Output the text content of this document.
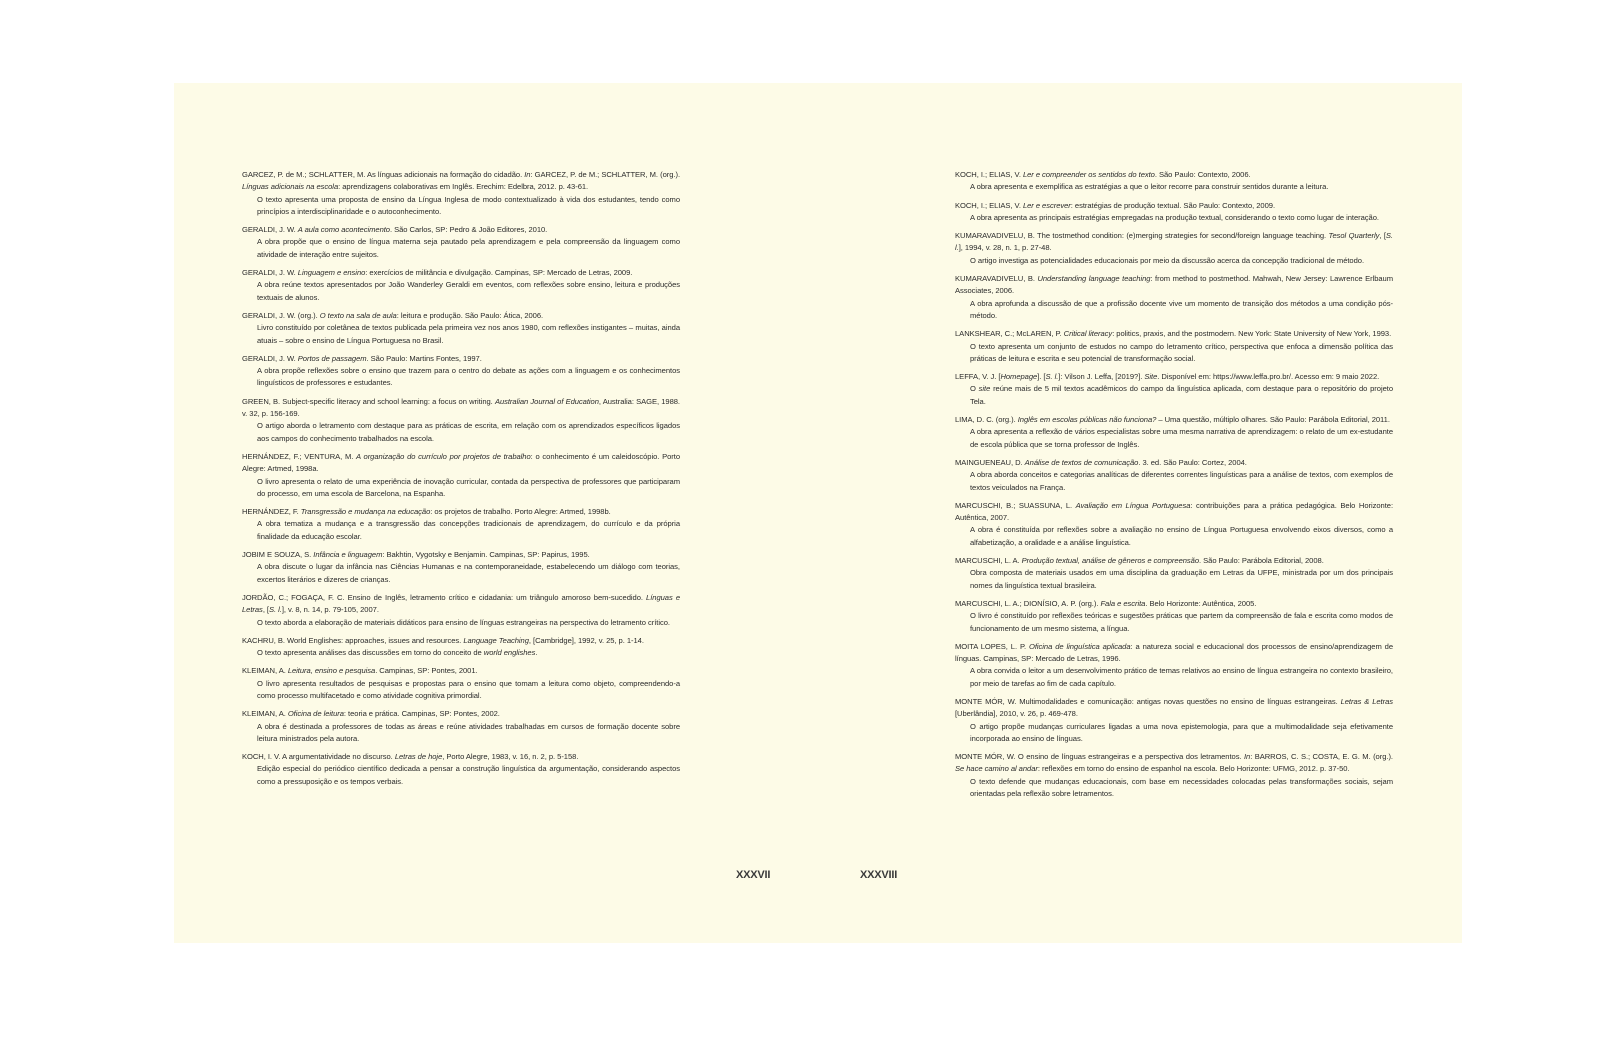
GARCEZ, P. de M.; SCHLATTER, M. As línguas adicionais na formação do cidadão. In: GARCEZ, P. de M.; SCHLATTER, M. (org.). Línguas adicionais na escola: aprendizagens colaborativas em Inglês. Erechim: Edelbra, 2012. p. 43-61.

O texto apresenta uma proposta de ensino da Língua Inglesa de modo contextualizado à vida dos estudantes, tendo como princípios a interdisciplinaridade e o autoconhecimento.

GERALDI, J. W. A aula como acontecimento. São Carlos, SP: Pedro & João Editores, 2010.

A obra propõe que o ensino de língua materna seja pautado pela aprendizagem e pela compreensão da linguagem como atividade de interação entre sujeitos.

GERALDI, J. W. Linguagem e ensino: exercícios de militância e divulgação. Campinas, SP: Mercado de Letras, 2009.

A obra reúne textos apresentados por João Wanderley Geraldi em eventos, com reflexões sobre ensino, leitura e produções textuais de alunos.

GERALDI, J. W. (org.). O texto na sala de aula: leitura e produção. São Paulo: Ática, 2006.

Livro constituído por coletânea de textos publicada pela primeira vez nos anos 1980, com reflexões instigantes – muitas, ainda atuais – sobre o ensino de Língua Portuguesa no Brasil.

GERALDI, J. W. Portos de passagem. São Paulo: Martins Fontes, 1997.

A obra propõe reflexões sobre o ensino que trazem para o centro do debate as ações com a linguagem e os conhecimentos linguísticos de professores e estudantes.

GREEN, B. Subject-specific literacy and school learning: a focus on writing. Australian Journal of Education, Australia: SAGE, 1988. v. 32, p. 156-169.

O artigo aborda o letramento com destaque para as práticas de escrita, em relação com os aprendizados específicos ligados aos campos do conhecimento trabalhados na escola.

HERNÁNDEZ, F.; VENTURA, M. A organização do currículo por projetos de trabalho: o conhecimento é um caleidoscópio. Porto Alegre: Artmed, 1998a.

O livro apresenta o relato de uma experiência de inovação curricular, contada da perspectiva de professores que participaram do processo, em uma escola de Barcelona, na Espanha.

HERNÁNDEZ, F. Transgressão e mudança na educação: os projetos de trabalho. Porto Alegre: Artmed, 1998b.

A obra tematiza a mudança e a transgressão das concepções tradicionais de aprendizagem, do currículo e da própria finalidade da educação escolar.

JOBIM E SOUZA, S. Infância e linguagem: Bakhtin, Vygotsky e Benjamin. Campinas, SP: Papirus, 1995.

A obra discute o lugar da infância nas Ciências Humanas e na contemporaneidade, estabelecendo um diálogo com teorias, excertos literários e dizeres de crianças.

JORDÃO, C.; FOGAÇA, F. C. Ensino de Inglês, letramento crítico e cidadania: um triângulo amoroso bem-sucedido. Línguas e Letras, [S. l.], v. 8, n. 14, p. 79-105, 2007.

O texto aborda a elaboração de materiais didáticos para ensino de línguas estrangeiras na perspectiva do letramento crítico.

KACHRU, B. World Englishes: approaches, issues and resources. Language Teaching, [Cambridge], 1992, v. 25, p. 1-14.

O texto apresenta análises das discussões em torno do conceito de world englishes.

KLEIMAN, A. Leitura, ensino e pesquisa. Campinas, SP: Pontes, 2001.

O livro apresenta resultados de pesquisas e propostas para o ensino que tomam a leitura como objeto, compreendendo-a como processo multifacetado e como atividade cognitiva primordial.

KLEIMAN, A. Oficina de leitura: teoria e prática. Campinas, SP: Pontes, 2002.

A obra é destinada a professores de todas as áreas e reúne atividades trabalhadas em cursos de formação docente sobre leitura ministrados pela autora.

KOCH, I. V. A argumentatividade no discurso. Letras de hoje, Porto Alegre, 1983, v. 16, n. 2, p. 5-158.

Edição especial do periódico científico dedicada a pensar a construção linguística da argumentação, considerando aspectos como a pressuposição e os tempos verbais.

KOCH, I.; ELIAS, V. Ler e compreender os sentidos do texto. São Paulo: Contexto, 2006.

A obra apresenta e exemplifica as estratégias a que o leitor recorre para construir sentidos durante a leitura.

KOCH, I.; ELIAS, V. Ler e escrever: estratégias de produção textual. São Paulo: Contexto, 2009.

A obra apresenta as principais estratégias empregadas na produção textual, considerando o texto como lugar de interação.

KUMARAVADIVELU, B. The tostmethod condition: (e)merging strategies for second/foreign language teaching. Tesol Quarterly, [S. l.], 1994, v. 28, n. 1, p. 27-48.

O artigo investiga as potencialidades educacionais por meio da discussão acerca da concepção tradicional de método.

KUMARAVADIVELU, B. Understanding language teaching: from method to postmethod. Mahwah, New Jersey: Lawrence Erlbaum Associates, 2006.

A obra aprofunda a discussão de que a profissão docente vive um momento de transição dos métodos a uma condição pós-método.

LANKSHEAR, C.; McLAREN, P. Critical literacy: politics, praxis, and the postmodern. New York: State University of New York, 1993.

O texto apresenta um conjunto de estudos no campo do letramento crítico, perspectiva que enfoca a dimensão política das práticas de leitura e escrita e seu potencial de transformação social.

LEFFA, V. J. [Homepage]. [S. l.]: Vilson J. Leffa, [2019?]. Site. Disponível em: https://www.leffa.pro.br/. Acesso em: 9 maio 2022.

O site reúne mais de 5 mil textos acadêmicos do campo da linguística aplicada, com destaque para o repositório do projeto Tela.

LIMA, D. C. (org.). Inglês em escolas públicas não funciona? – Uma questão, múltiplo olhares. São Paulo: Parábola Editorial, 2011.

A obra apresenta a reflexão de vários especialistas sobre uma mesma narrativa de aprendizagem: o relato de um ex-estudante de escola pública que se torna professor de Inglês.

MAINGUENEAU, D. Análise de textos de comunicação. 3. ed. São Paulo: Cortez, 2004.

A obra aborda conceitos e categorias analíticas de diferentes correntes linguísticas para a análise de textos, com exemplos de textos veiculados na França.

MARCUSCHI, B.; SUASSUNA, L. Avaliação em Língua Portuguesa: contribuições para a prática pedagógica. Belo Horizonte: Autêntica, 2007.

A obra é constituída por reflexões sobre a avaliação no ensino de Língua Portuguesa envolvendo eixos diversos, como a alfabetização, a oralidade e a análise linguística.

MARCUSCHI, L. A. Produção textual, análise de gêneros e compreensão. São Paulo: Parábola Editorial, 2008.

Obra composta de materiais usados em uma disciplina da graduação em Letras da UFPE, ministrada por um dos principais nomes da linguística textual brasileira.

MARCUSCHI, L. A.; DIONÍSIO, A. P. (org.). Fala e escrita. Belo Horizonte: Autêntica, 2005.

O livro é constituído por reflexões teóricas e sugestões práticas que partem da compreensão de fala e escrita como modos de funcionamento de um mesmo sistema, a língua.

MOITA LOPES, L. P. Oficina de linguística aplicada: a natureza social e educacional dos processos de ensino/aprendizagem de línguas. Campinas, SP: Mercado de Letras, 1996.

A obra convida o leitor a um desenvolvimento prático de temas relativos ao ensino de língua estrangeira no contexto brasileiro, por meio de tarefas ao fim de cada capítulo.

MONTE MÓR, W. Multimodalidades e comunicação: antigas novas questões no ensino de línguas estrangeiras. Letras & Letras [Uberlândia], 2010, v. 26, p. 469-478.

O artigo propõe mudanças curriculares ligadas a uma nova epistemologia, para que a multimodalidade seja efetivamente incorporada ao ensino de línguas.

MONTE MÓR, W. O ensino de línguas estrangeiras e a perspectiva dos letramentos. In: BARROS, C. S.; COSTA, E. G. M. (org.). Se hace camino al andar: reflexões em torno do ensino de espanhol na escola. Belo Horizonte: UFMG, 2012. p. 37-50.

O texto defende que mudanças educacionais, com base em necessidades colocadas pelas transformações sociais, sejam orientadas pela reflexão sobre letramentos.

XXXVII	XXXVIII
